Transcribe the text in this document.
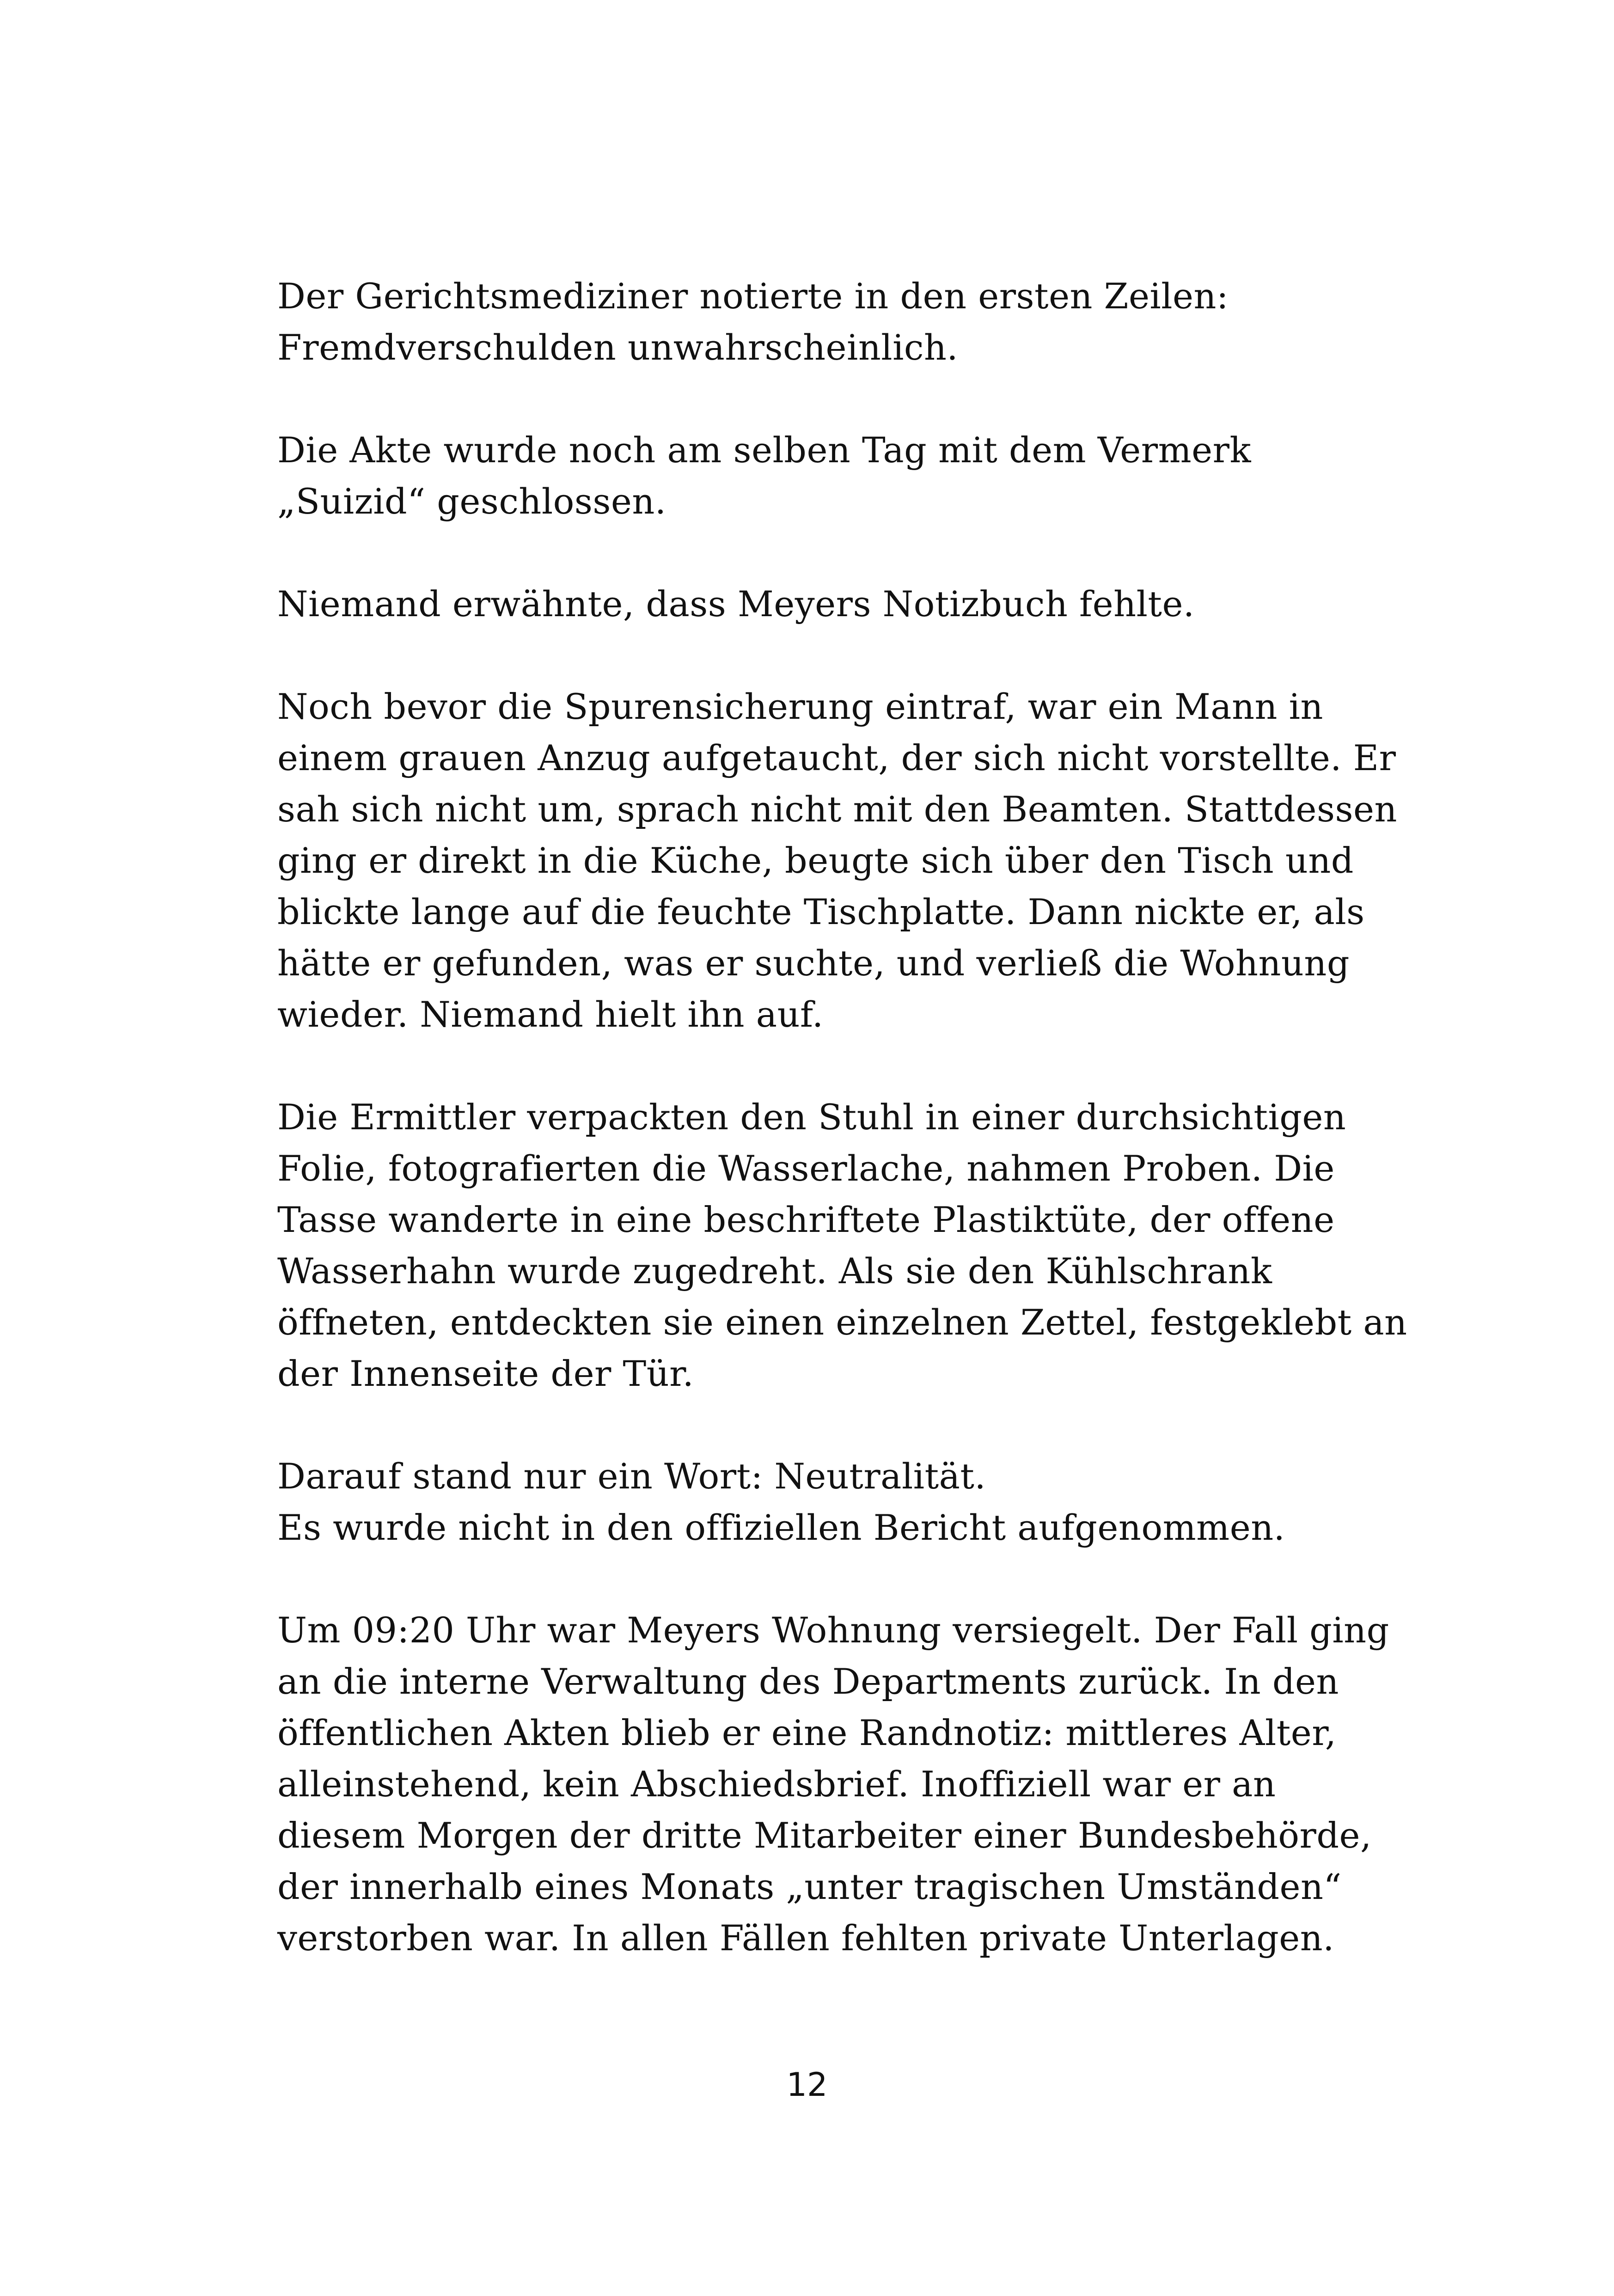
Der Gerichtsmediziner notierte in den ersten Zeilen:
Fremdverschulden unwahrscheinlich.

Die Akte wurde noch am selben Tag mit dem Vermerk
„Suizid“ geschlossen.

Niemand erwähnte, dass Meyers Notizbuch fehlte.

Noch bevor die Spurensicherung eintraf, war ein Mann in
einem grauen Anzug aufgetaucht, der sich nicht vorstellte. Er
sah sich nicht um, sprach nicht mit den Beamten. Stattdessen
ging er direkt in die Küche, beugte sich über den Tisch und
blickte lange auf die feuchte Tischplatte. Dann nickte er, als
hätte er gefunden, was er suchte, und verließ die Wohnung
wieder. Niemand hielt ihn auf.

Die Ermittler verpackten den Stuhl in einer durchsichtigen
Folie, fotografierten die Wasserlache, nahmen Proben. Die
Tasse wanderte in eine beschriftete Plastiktüte, der offene
Wasserhahn wurde zugedreht. Als sie den Kühlschrank
öffneten, entdeckten sie einen einzelnen Zettel, festgeklebt an
der Innenseite der Tür.

Darauf stand nur ein Wort: Neutralität.
Es wurde nicht in den offiziellen Bericht aufgenommen.

Um 09:20 Uhr war Meyers Wohnung versiegelt. Der Fall ging
an die interne Verwaltung des Departments zurück. In den
öffentlichen Akten blieb er eine Randnotiz: mittleres Alter,
alleinstehend, kein Abschiedsbrief. Inoffiziell war er an
diesem Morgen der dritte Mitarbeiter einer Bundesbehörde,
der innerhalb eines Monats „unter tragischen Umständen“
verstorben war. In allen Fällen fehlten private Unterlagen.

12
